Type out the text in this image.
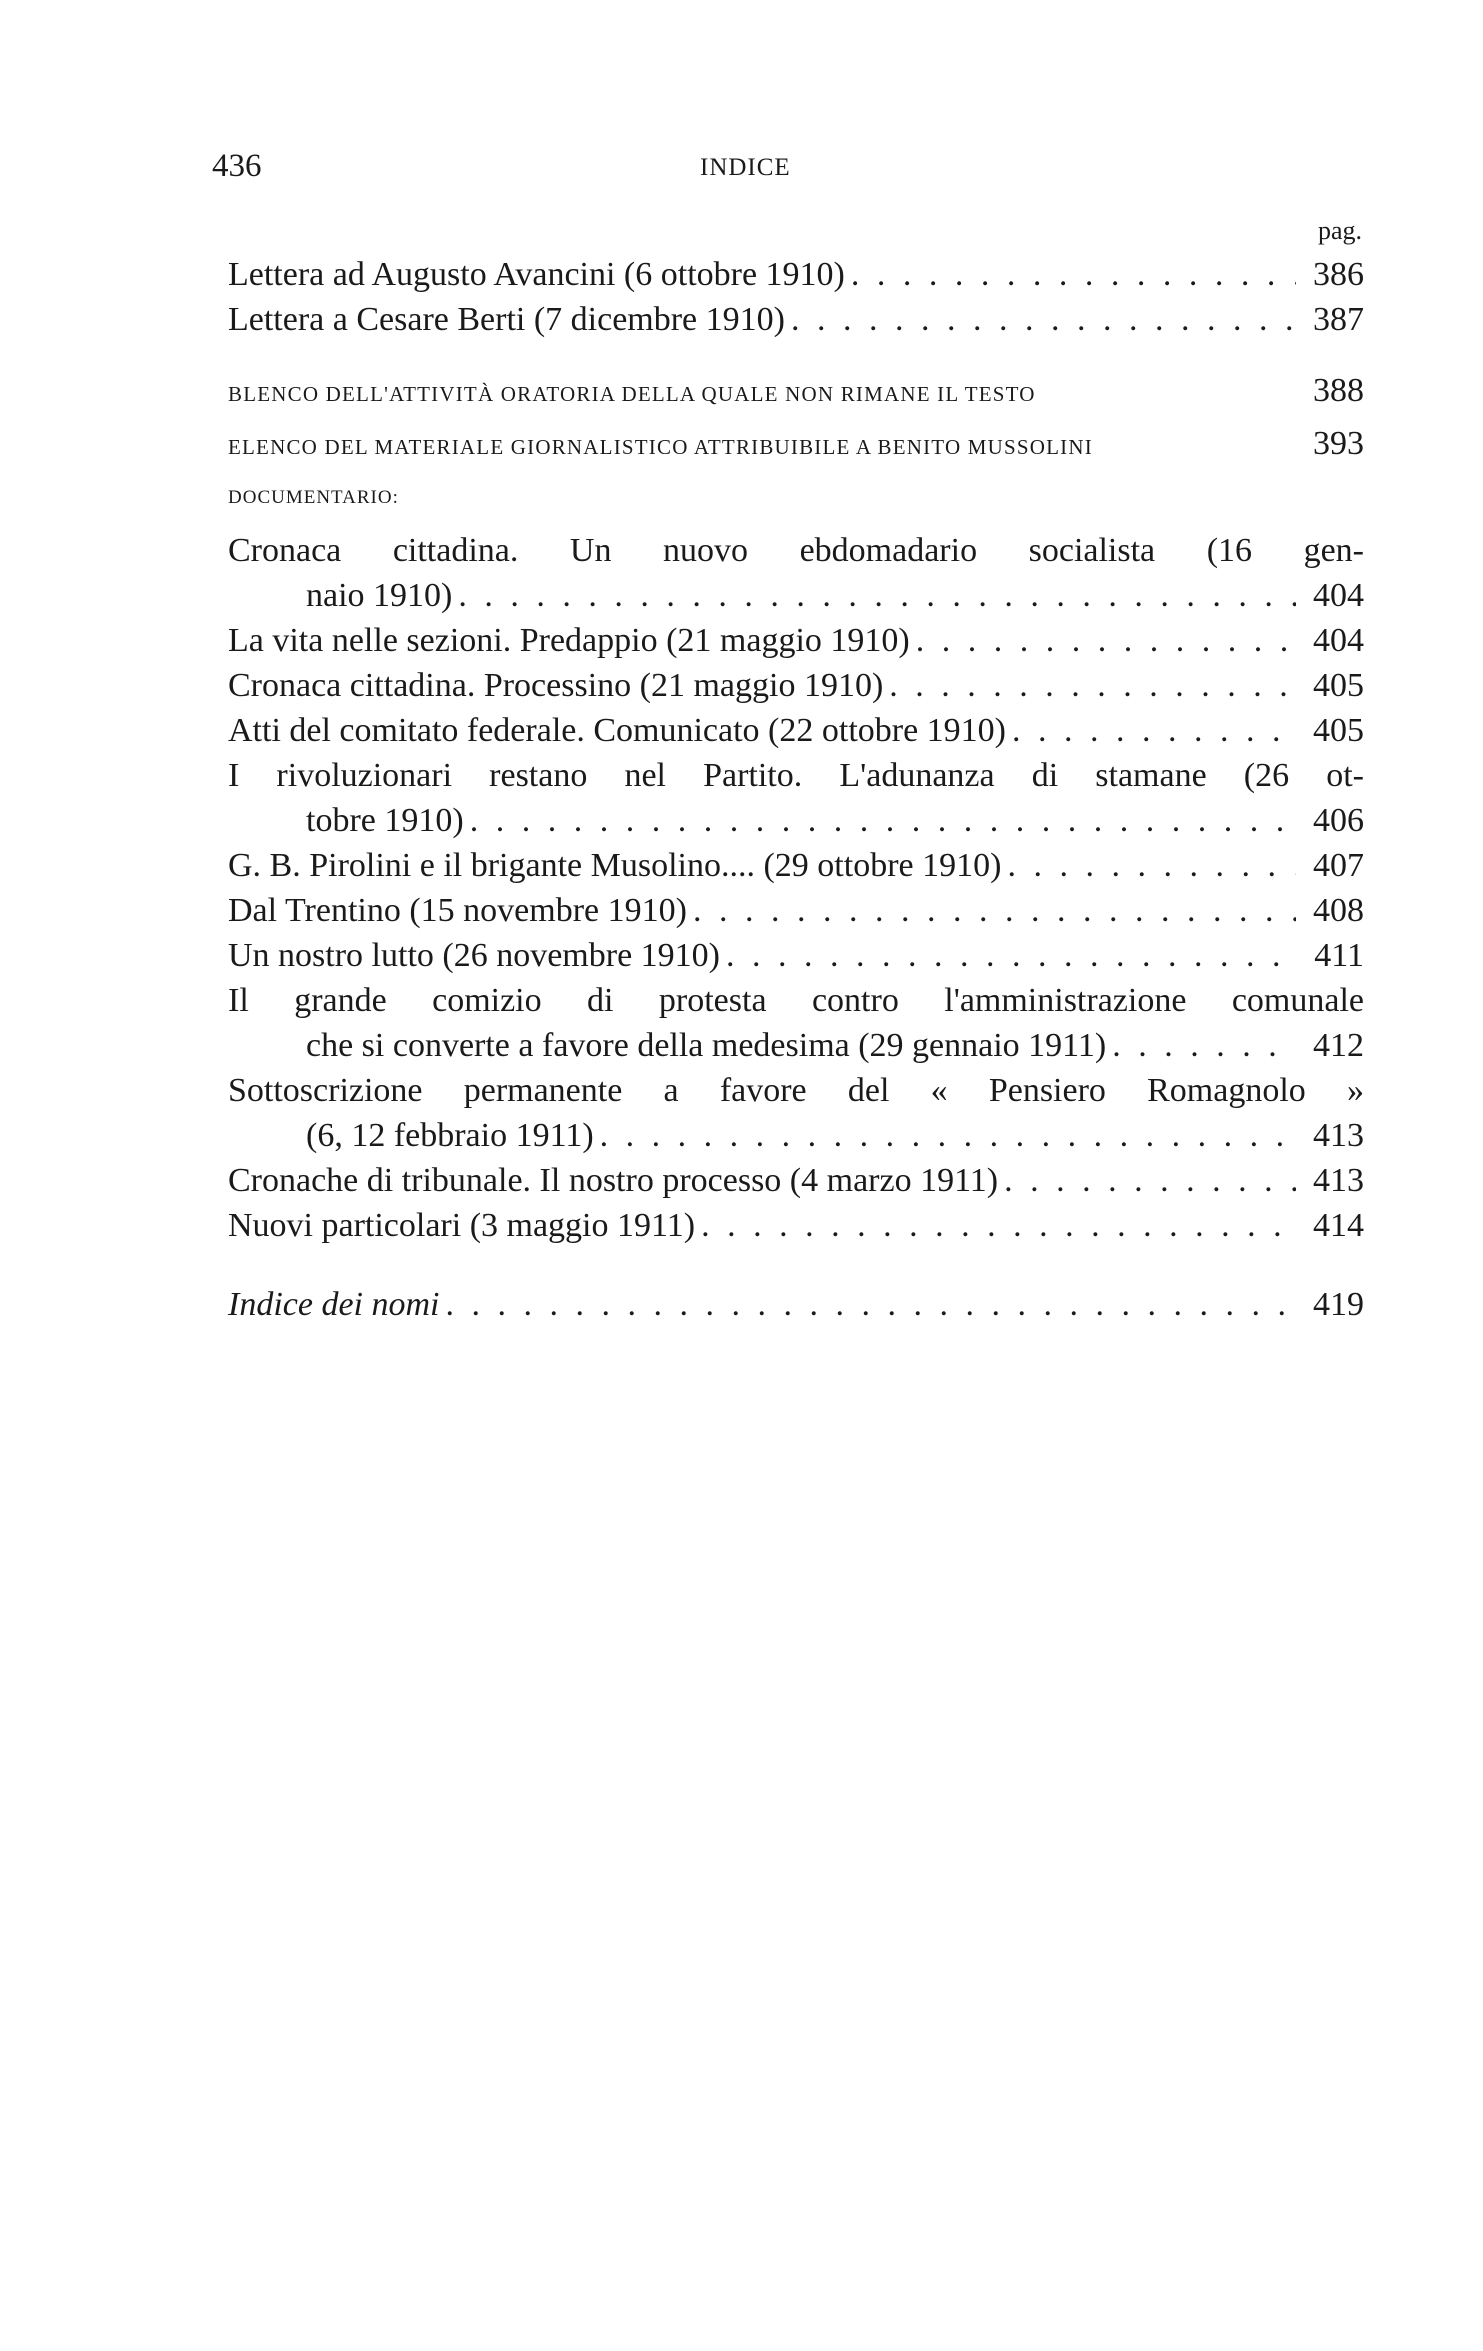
436	INDICE
pag.
Lettera ad Augusto Avancini (6 ottobre 1910) . . .	386
Lettera a Cesare Berti (7 dicembre 1910) . . .	387
BLENCO DELL'ATTIVITÀ ORATORIA DELLA QUALE NON RIMANE IL TESTO	388
ELENCO DEL MATERIALE GIORNALISTICO ATTRIBUIBILE A BENITO MUSSOLINI	393
DOCUMENTARIO:
Cronaca cittadina. Un nuovo ebdomadario socialista (16 gen-
naio 1910) . . .	404
La vita nelle sezioni. Predappio (21 maggio 1910) . . .	404
Cronaca cittadina. Processino (21 maggio 1910) . . .	405
Atti del comitato federale. Comunicato (22 ottobre 1910) . . .	405
I rivoluzionari restano nel Partito. L'adunanza di stamane (26 ot-
tobre 1910) . . .	406
G. B. Pirolini e il brigante Musolino.... (29 ottobre 1910) . . .	407
Dal Trentino (15 novembre 1910) . . .	408
Un nostro lutto (26 novembre 1910) . . .	411
Il grande comizio di protesta contro l'amministrazione comunale
che si converte a favore della medesima (29 gennaio 1911) . . .	412
Sottoscrizione permanente a favore del « Pensiero Romagnolo »
(6, 12 febbraio 1911) . . .	413
Cronache di tribunale. Il nostro processo (4 marzo 1911) . . .	413
Nuovi particolari (3 maggio 1911) . . .	414
Indice dei nomi . . .	419
